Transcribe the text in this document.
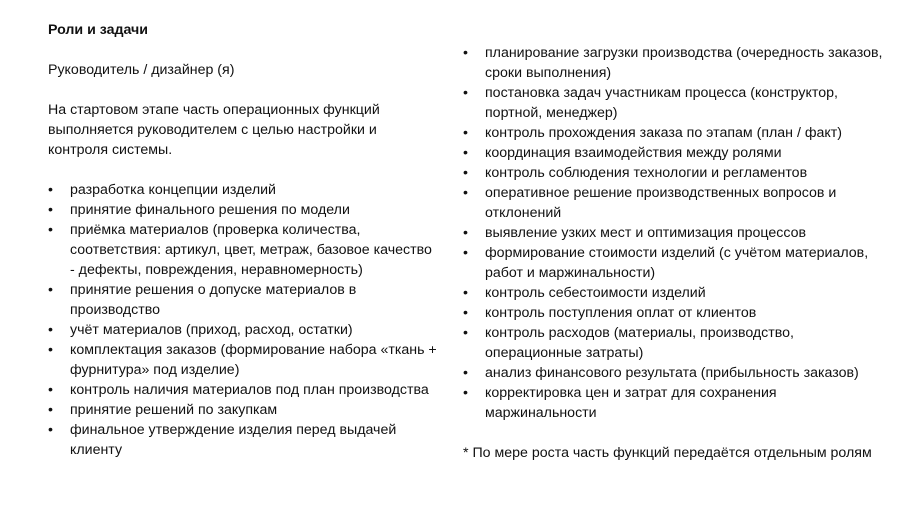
Роли и задачи
Руководитель / дизайнер (я)
На стартовом этапе часть операционных функций выполняется руководителем с целью настройки и контроля системы.
• разработка концепции изделий
• принятие финального решения по модели
• приёмка материалов (проверка количества, соответствия: артикул, цвет, метраж, базовое качество - дефекты, повреждения, неравномерность)
• принятие решения о допуске материалов в производство
• учёт материалов (приход, расход, остатки)
• комплектация заказов (формирование набора «ткань + фурнитура» под изделие)
• контроль наличия материалов под план производства
• принятие решений по закупкам
• финальное утверждение изделия перед выдачей клиенту
• планирование загрузки производства (очередность заказов, сроки выполнения)
• постановка задач участникам процесса (конструктор, портной, менеджер)
• контроль прохождения заказа по этапам (план / факт)
• координация взаимодействия между ролями
• контроль соблюдения технологии и регламентов
• оперативное решение производственных вопросов и отклонений
• выявление узких мест и оптимизация процессов
• формирование стоимости изделий (с учётом материалов, работ и маржинальности)
• контроль себестоимости изделий
• контроль поступления оплат от клиентов
• контроль расходов (материалы, производство, операционные затраты)
• анализ финансового результата (прибыльность заказов)
• корректировка цен и затрат для сохранения маржинальности
* По мере роста часть функций передаётся отдельным ролям
